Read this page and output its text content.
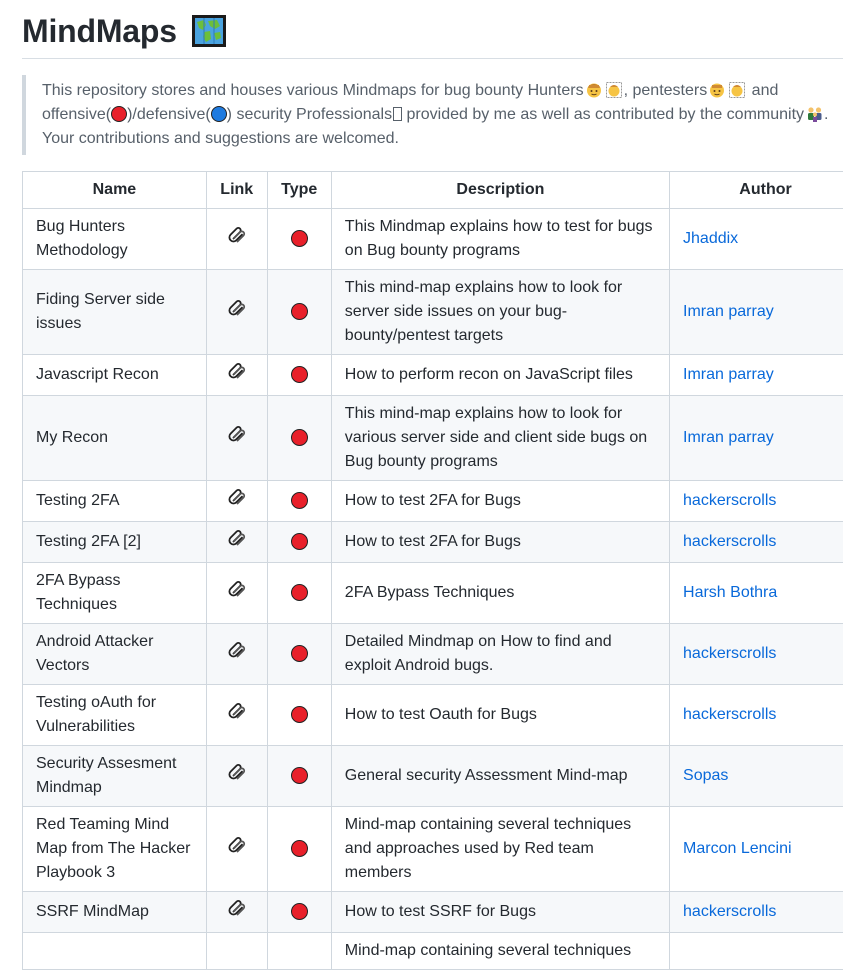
MindMaps
This repository stores and houses various Mindmaps for bug bounty Hunters	, pentesters	and offensive( )/defensive( ) security Professionals provided by me as well as contributed by the community . Your contributions and suggestions are welcomed.
Name	Link	Type	Description	Author
Bug Hunters Methodology			This Mindmap explains how to test for bugs on Bug bounty programs	Jhaddix
Fiding Server side issues			This mind-map explains how to look for server side issues on your bug-bounty/pentest targets	Imran parray
Javascript Recon			How to perform recon on JavaScript files	Imran parray
My Recon			This mind-map explains how to look for various server side and client side bugs on Bug bounty programs	Imran parray
Testing 2FA			How to test 2FA for Bugs	hackerscrolls
Testing 2FA [2]			How to test 2FA for Bugs	hackerscrolls
2FA Bypass Techniques			2FA Bypass Techniques	Harsh Bothra
Android Attacker Vectors			Detailed Mindmap on How to find and exploit Android bugs.	hackerscrolls
Testing oAuth for Vulnerabilities			How to test Oauth for Bugs	hackerscrolls
Security Assesment Mindmap			General security Assessment Mind-map	Sopas
Red Teaming Mind Map from The Hacker Playbook 3			Mind-map containing several techniques and approaches used by Red team members	Marcon Lencini
SSRF MindMap			How to test SSRF for Bugs	hackerscrolls
			Mind-map containing several techniques	
